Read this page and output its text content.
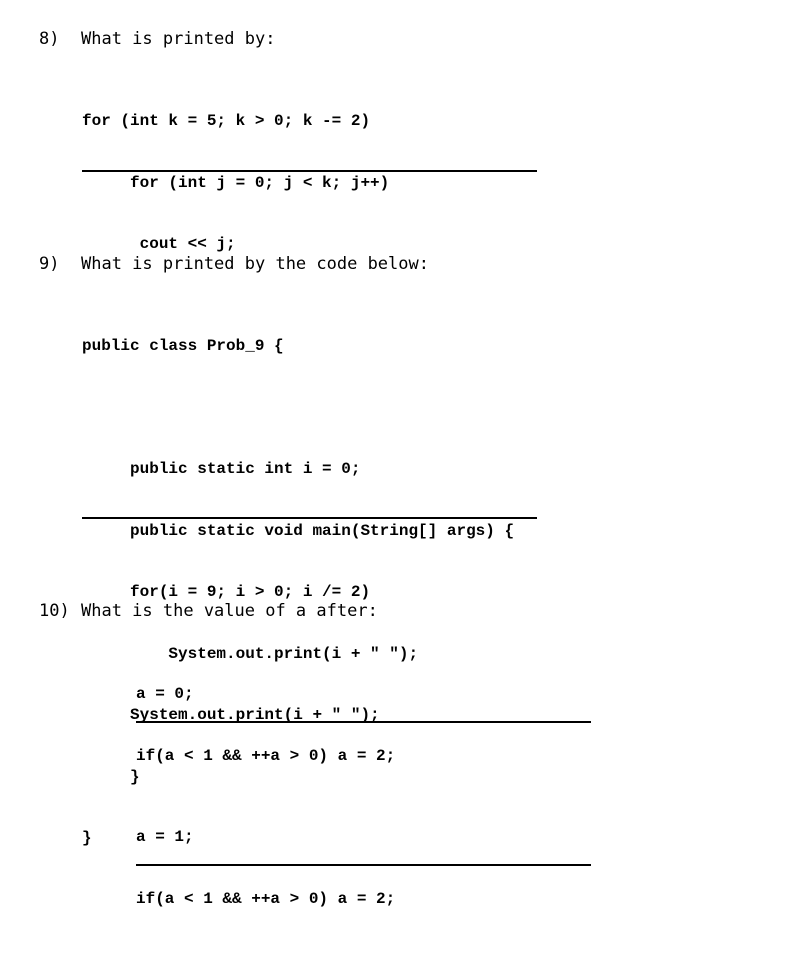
8)

What is printed by:

for (int k = 5; k > 0; k -= 2)

for (int j = 0; j < k; j++)

cout << j;

9)

What is printed by the code below:

public class Prob_9 {

public static int i = 0;

public static void main(String[] args) {

for(i = 9; i > 0; i /= 2)

System.out.print(i + " ");

System.out.print(i + " ");

}

}

10)

What is the value of a after:

a = 0;

if(a < 1 && ++a > 0) a = 2;

a = 1;

if(a < 1 && ++a > 0) a = 2;
